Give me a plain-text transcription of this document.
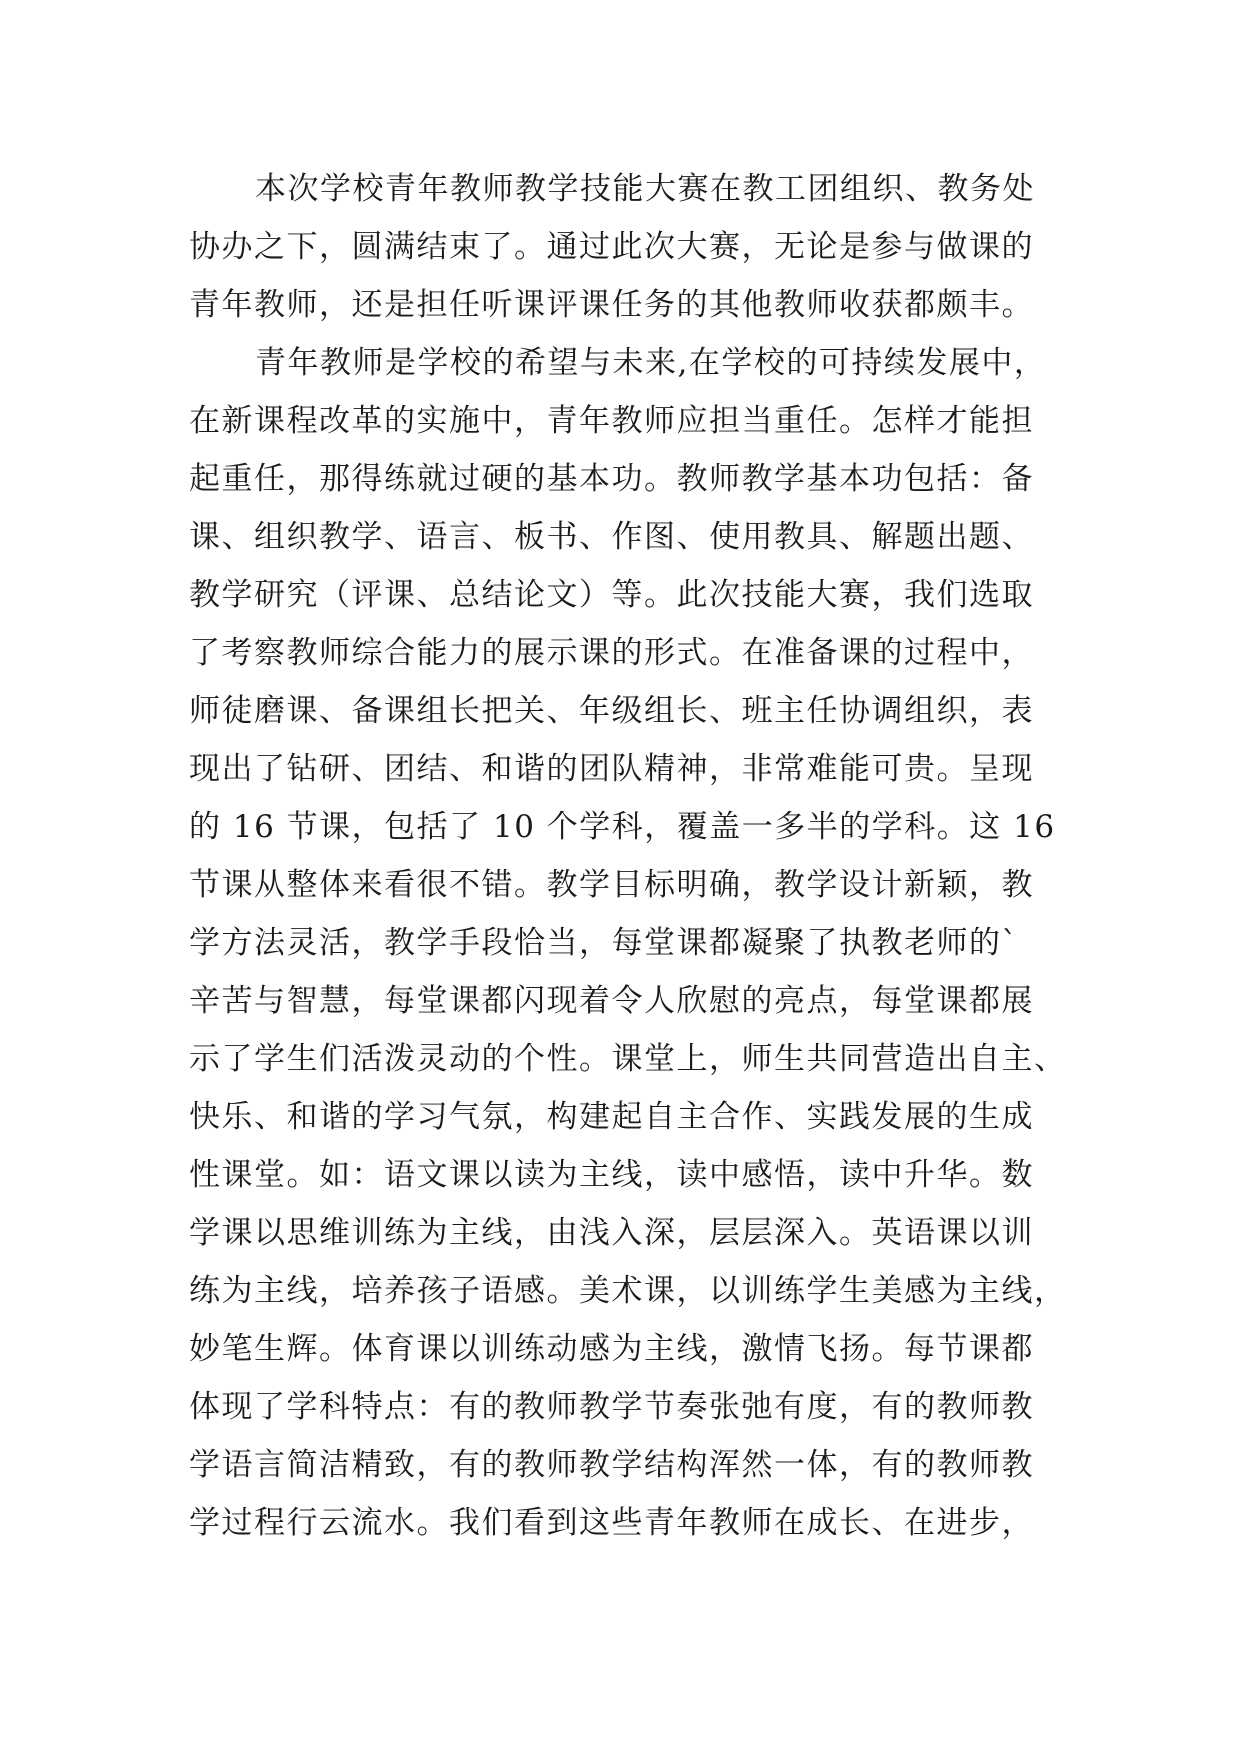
本次学校青年教师教学技能大赛在教工团组织、教务处
协办之下，圆满结束了。通过此次大赛，无论是参与做课的
青年教师，还是担任听课评课任务的其他教师收获都颇丰。
青年教师是学校的希望与未来,在学校的可持续发展中，
在新课程改革的实施中，青年教师应担当重任。怎样才能担
起重任，那得练就过硬的基本功。教师教学基本功包括：备
课、组织教学、语言、板书、作图、使用教具、解题出题、
教学研究（评课、总结论文）等。此次技能大赛，我们选取
了考察教师综合能力的展示课的形式。在准备课的过程中，
师徒磨课、备课组长把关、年级组长、班主任协调组织，表
现出了钻研、团结、和谐的团队精神，非常难能可贵。呈现
的 16 节课，包括了 10 个学科，覆盖一多半的学科。这 16
节课从整体来看很不错。教学目标明确，教学设计新颖，教
学方法灵活，教学手段恰当，每堂课都凝聚了执教老师的`
辛苦与智慧，每堂课都闪现着令人欣慰的亮点，每堂课都展
示了学生们活泼灵动的个性。课堂上，师生共同营造出自主、
快乐、和谐的学习气氛，构建起自主合作、实践发展的生成
性课堂。如：语文课以读为主线，读中感悟，读中升华。数
学课以思维训练为主线，由浅入深，层层深入。英语课以训
练为主线，培养孩子语感。美术课，以训练学生美感为主线，
妙笔生辉。体育课以训练动感为主线，激情飞扬。每节课都
体现了学科特点：有的教师教学节奏张弛有度，有的教师教
学语言简洁精致，有的教师教学结构浑然一体，有的教师教
学过程行云流水。我们看到这些青年教师在成长、在进步，
